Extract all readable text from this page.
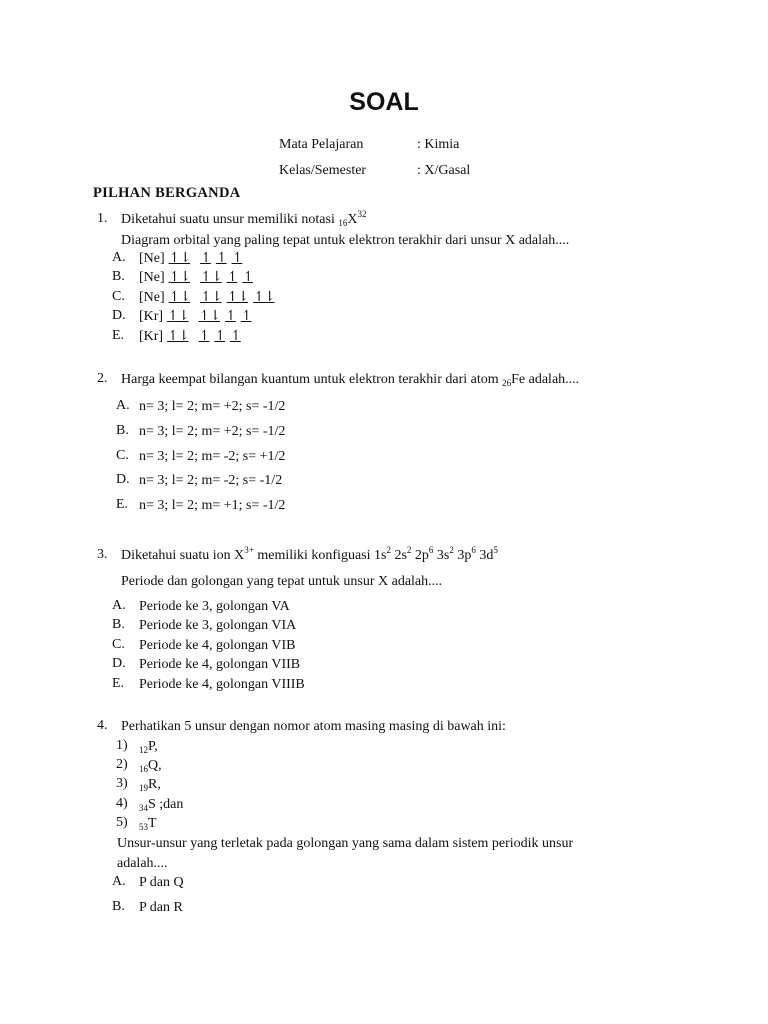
SOAL
Mata Pelajaran	: Kimia
Kelas/Semester	: X/Gasal
PILHAN BERGANDA
1. Diketahui suatu unsur memiliki notasi $_{16}X^{32}$
Diagram orbital yang paling tepat untuk elektron terakhir dari unsur X adalah....
A. [Ne] ↿⇂ ↿ ↿ ↿
B. [Ne] ↿⇂ ↿⇂ ↿ ↿
C. [Ne] ↿⇂ ↿⇂ ↿⇂ ↿⇂
D. [Kr] ↿⇂ ↿⇂ ↿ ↿
E. [Kr] ↿⇂ ↿ ↿ ↿
2. Harga keempat bilangan kuantum untuk elektron terakhir dari atom $_{26}$Fe adalah....
A. n= 3; l= 2; m= +2; s= -1/2
B. n= 3; l= 2; m= +2; s= -1/2
C. n= 3; l= 2; m= -2; s= +1/2
D. n= 3; l= 2; m= -2; s= -1/2
E. n= 3; l= 2; m= +1; s= -1/2
3. Diketahui suatu ion $X^{3+}$ memiliki konfiguasi $1s^2$ $2s^2$ $2p^6$ $3s^2$ $3p^6$ $3d^5$
Periode dan golongan yang tepat untuk unsur X adalah....
A. Periode ke 3, golongan VA
B. Periode ke 3, golongan VIA
C. Periode ke 4, golongan VIB
D. Periode ke 4, golongan VIIB
E. Periode ke 4, golongan VIIIB
4. Perhatikan 5 unsur dengan nomor atom masing masing di bawah ini:
1) $_{12}$P,
2) $_{16}$Q,
3) $_{19}$R,
4) $_{34}$S ;dan
5) $_{53}$T
Unsur-unsur yang terletak pada golongan yang sama dalam sistem periodik unsur
adalah....
A. P dan Q
B. P dan R
